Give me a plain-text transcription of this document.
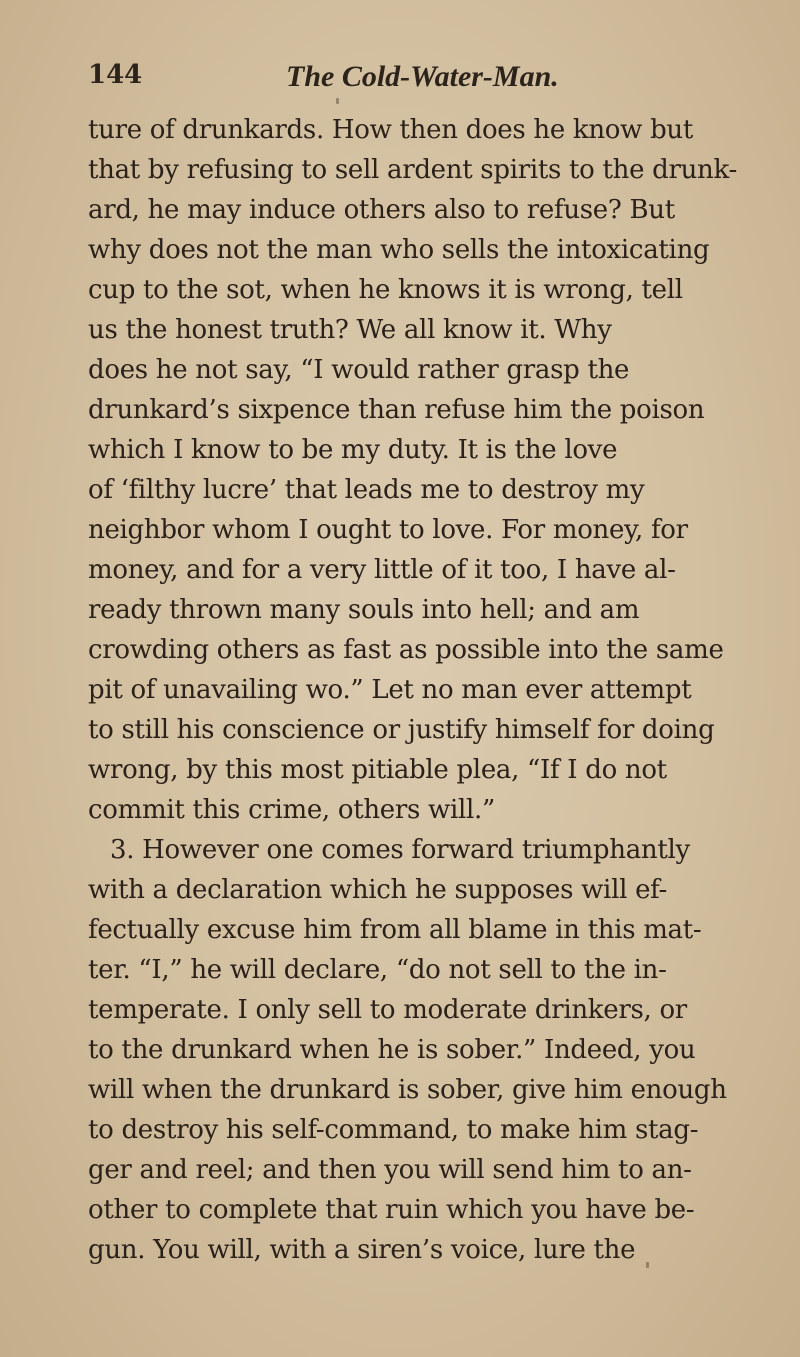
144	The Cold-Water-Man.
ture of drunkards. How then does he know but
that by refusing to sell ardent spirits to the drunk-
ard, he may induce others also to refuse? But
why does not the man who sells the intoxicating
cup to the sot, when he knows it is wrong, tell
us the honest truth? We all know it. Why
does he not say, “I would rather grasp the
drunkard’s sixpence than refuse him the poison
which I know to be my duty. It is the love
of ‘filthy lucre’ that leads me to destroy my
neighbor whom I ought to love. For money, for
money, and for a very little of it too, I have al-
ready thrown many souls into hell; and am
crowding others as fast as possible into the same
pit of unavailing wo.” Let no man ever attempt
to still his conscience or justify himself for doing
wrong, by this most pitiable plea, “If I do not
commit this crime, others will.”
3. However one comes forward triumphantly
with a declaration which he supposes will ef-
fectually excuse him from all blame in this mat-
ter. “I,” he will declare, “do not sell to the in-
temperate. I only sell to moderate drinkers, or
to the drunkard when he is sober.” Indeed, you
will when the drunkard is sober, give him enough
to destroy his self-command, to make him stag-
ger and reel; and then you will send him to an-
other to complete that ruin which you have be-
gun. You will, with a siren’s voice, lure the
